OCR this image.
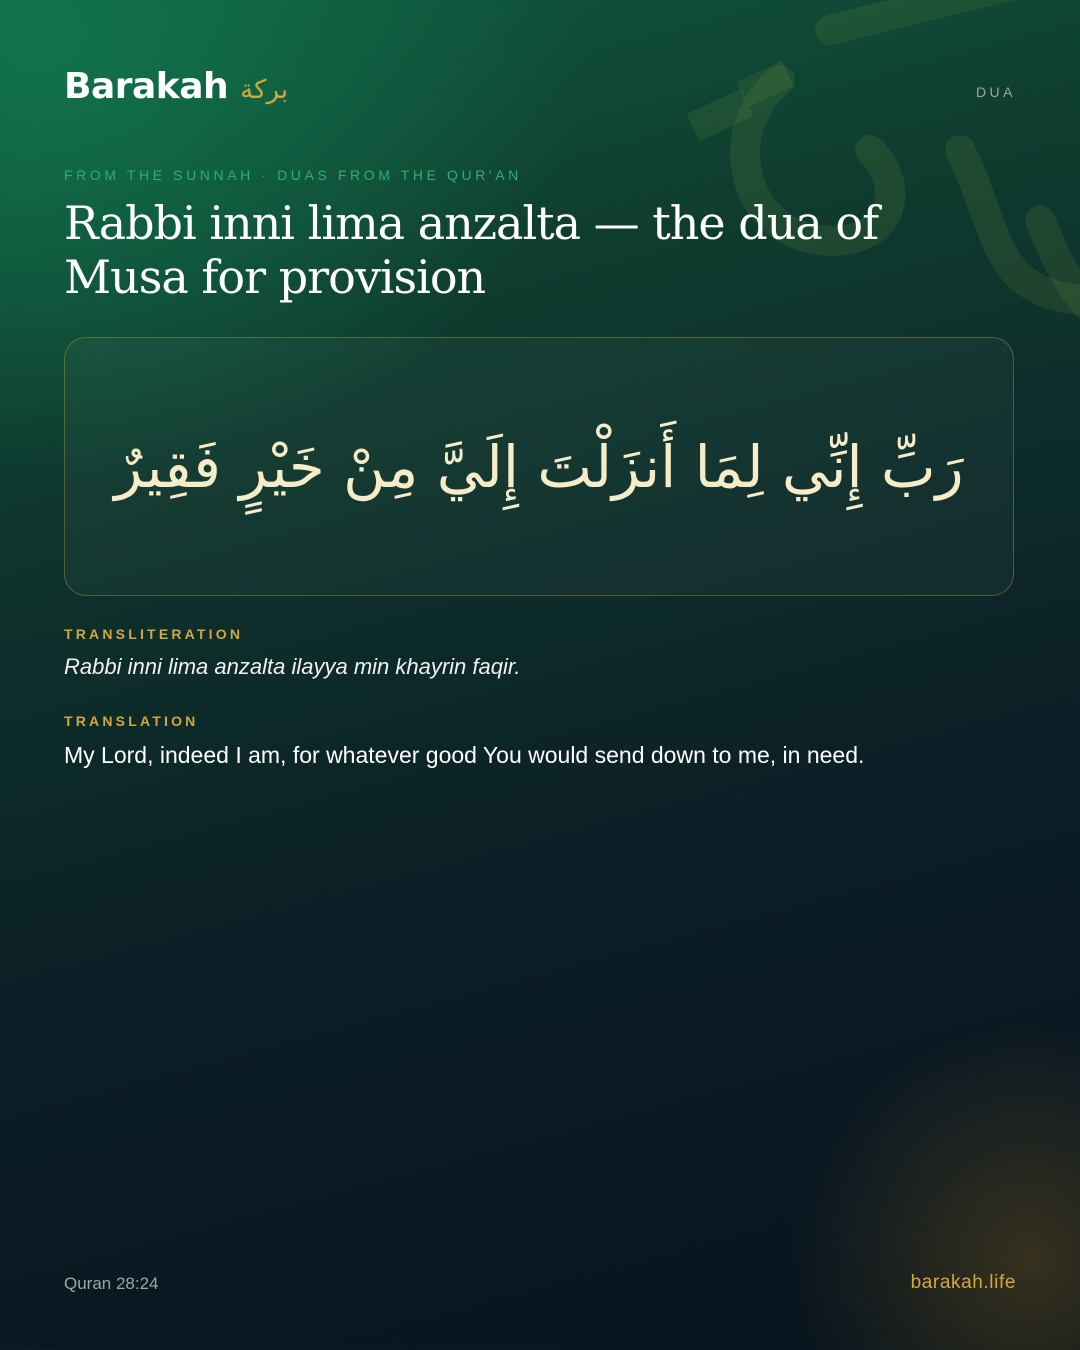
Barakah بركة	DUA
FROM THE SUNNAH · DUAS FROM THE QUR'AN
Rabbi inni lima anzalta — the dua of Musa for provision
رَبِّ إِنِّي لِمَا أَنزَلْتَ إِلَيَّ مِنْ خَيْرٍ فَقِيرٌ
TRANSLITERATION
Rabbi inni lima anzalta ilayya min khayrin faqir.
TRANSLATION
My Lord, indeed I am, for whatever good You would send down to me, in need.
Quran 28:24	barakah.life
